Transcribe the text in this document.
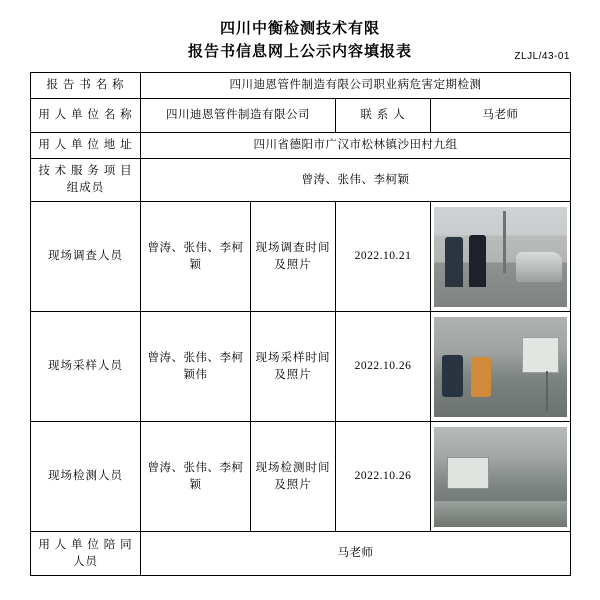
四川中衡检测技术有限
报告书信息网上公示内容填报表	ZLJL/43-01
报 告 书 名 称	四川迪恩管件制造有限公司职业病危害定期检测			
用 人 单 位 名 称	四川迪恩管件制造有限公司		联 系 人	马老师
用 人 单 位 地 址	四川省德阳市广汉市松林镇沙田村九组			
技 术 服 务 项 目组成员	曾涛、张伟、李柯颖			
现场调查人员	曾涛、张伟、李柯颖	现场调查时间及照片	2022.10.21	

现场采样人员	曾涛、张伟、李柯颖伟	现场采样时间及照片	2022.10.26	

现场检测人员	曾涛、张伟、李柯颖	现场检测时间及照片	2022.10.26	

用 人 单 位 陪 同人员	马老师			
